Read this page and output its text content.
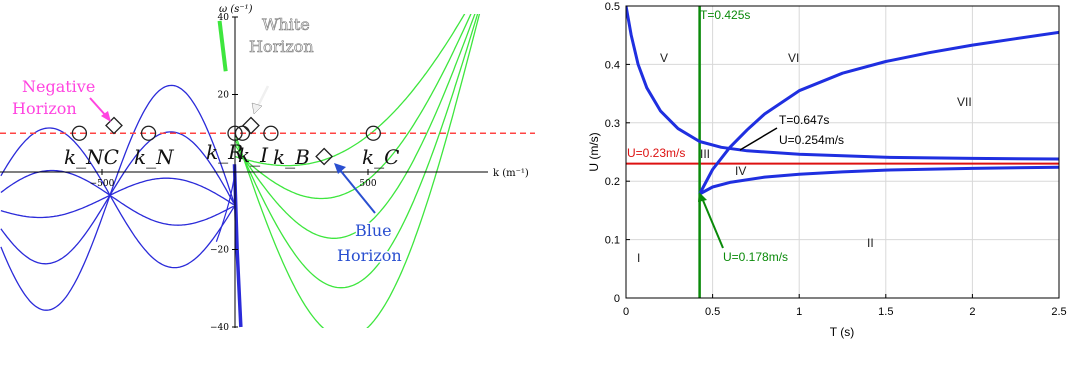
−500	500
40
20
−20
−40
ω (s⁻¹)
k (m⁻¹)
k_NC k_N k_R
k_I k_B	k_C
Negative
Horizon
White
Horizon
Blue
Horizon
0	0.5	1	1.5	2	2.5
0
0.1
0.2
0.3
0.4
0.5
T (s)
U (m/s)
T=0.425s
U=0.23m/s
I
II
III
IV
V	VI
VII
T=0.647s
U=0.254m/s
U=0.178m/s
